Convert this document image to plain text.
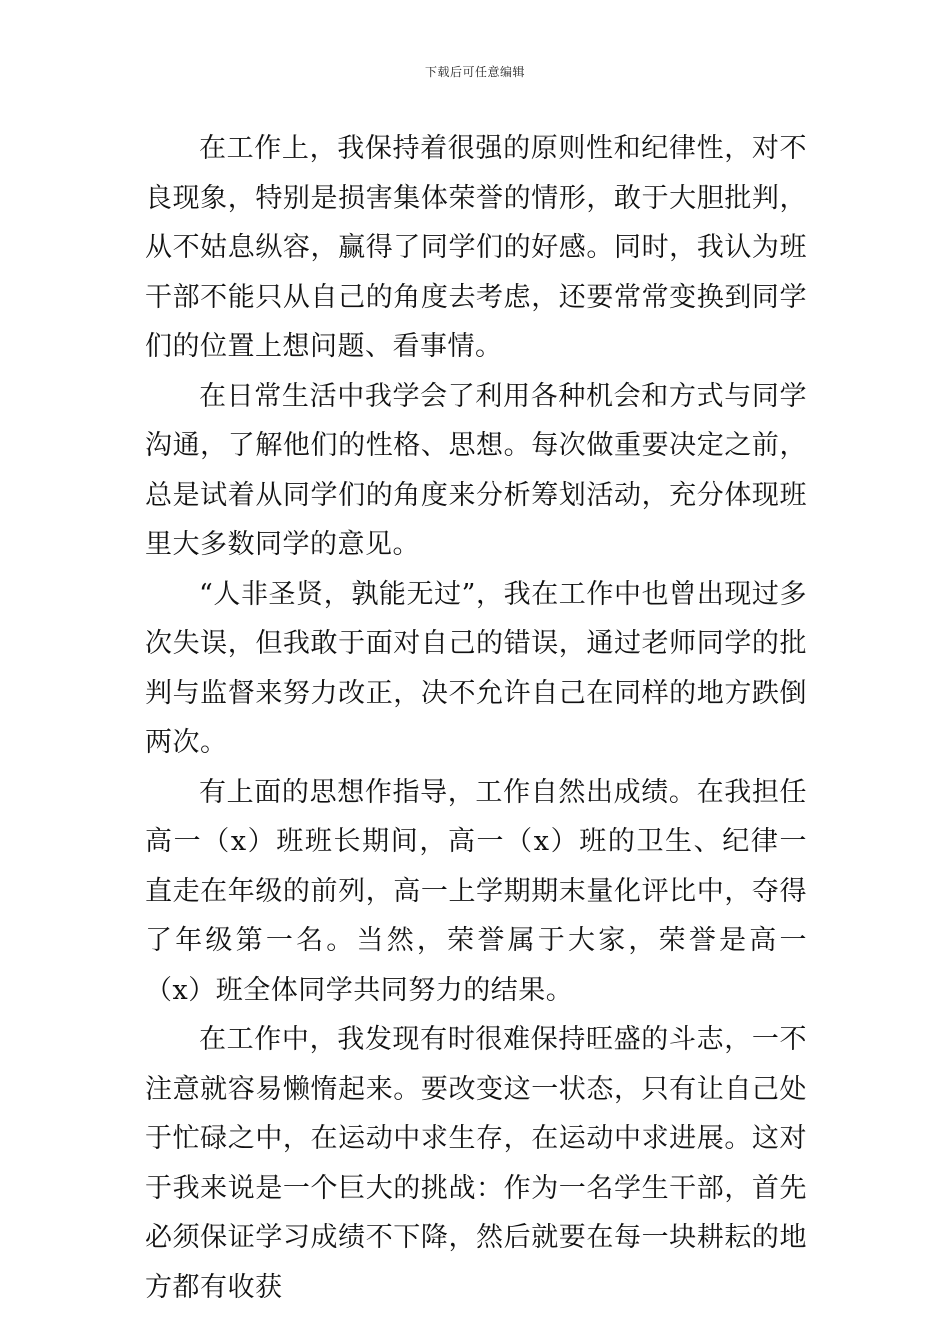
下载后可任意编辑

在工作上，我保持着很强的原则性和纪律性，对不良现象，特别是损害集体荣誉的情形，敢于大胆批判，从不姑息纵容，赢得了同学们的好感。同时，我认为班干部不能只从自己的角度去考虑，还要常常变换到同学们的位置上想问题、看事情。

在日常生活中我学会了利用各种机会和方式与同学沟通，了解他们的性格、思想。每次做重要决定之前，总是试着从同学们的角度来分析筹划活动，充分体现班里大多数同学的意见。

“人非圣贤，孰能无过”，我在工作中也曾出现过多次失误，但我敢于面对自己的错误，通过老师同学的批判与监督来努力改正，决不允许自己在同样的地方跌倒两次。

有上面的思想作指导，工作自然出成绩。在我担任高一（x）班班长期间，高一（x）班的卫生、纪律一直走在年级的前列，高一上学期期末量化评比中，夺得了年级第一名。当然，荣誉属于大家，荣誉是高一（x）班全体同学共同努力的结果。

在工作中，我发现有时很难保持旺盛的斗志，一不注意就容易懒惰起来。要改变这一状态，只有让自己处于忙碌之中，在运动中求生存，在运动中求进展。这对于我来说是一个巨大的挑战：作为一名学生干部，首先必须保证学习成绩不下降，然后就要在每一块耕耘的地方都有收获
